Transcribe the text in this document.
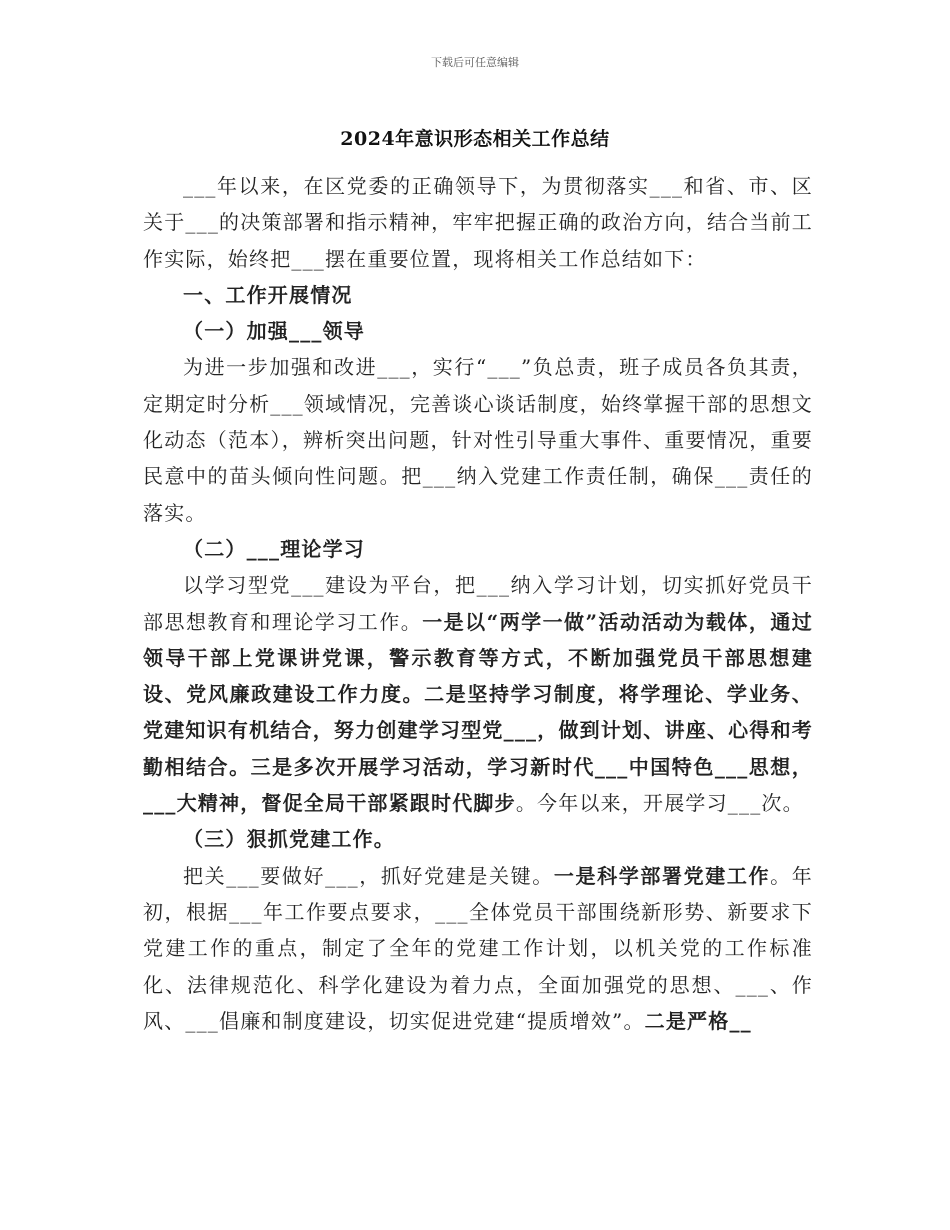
下载后可任意编辑
2024年意识形态相关工作总结

___年以来，在区党委的正确领导下，为贯彻落实___和省、市、区关于___的决策部署和指示精神，牢牢把握正确的政治方向，结合当前工作实际，始终把___摆在重要位置，现将相关工作总结如下：

一、工作开展情况

（一）加强___领导

为进一步加强和改进___，实行“___”负总责，班子成员各负其责，定期定时分析___领域情况，完善谈心谈话制度，始终掌握干部的思想文化动态（范本），辨析突出问题，针对性引导重大事件、重要情况，重要民意中的苗头倾向性问题。把___纳入党建工作责任制，确保___责任的落实。

（二）___理论学习

以学习型党___建设为平台，把___纳入学习计划，切实抓好党员干部思想教育和理论学习工作。一是以“两学一做”活动活动为载体，通过领导干部上党课讲党课，警示教育等方式，不断加强党员干部思想建设、党风廉政建设工作力度。二是坚持学习制度，将学理论、学业务、党建知识有机结合，努力创建学习型党___，做到计划、讲座、心得和考勤相结合。三是多次开展学习活动，学习新时代___中国特色___思想，___大精神，督促全局干部紧跟时代脚步。今年以来，开展学习___次。

（三）狠抓党建工作。

把关___要做好___，抓好党建是关键。一是科学部署党建工作。年初，根据___年工作要点要求，___全体党员干部围绕新形势、新要求下党建工作的重点，制定了全年的党建工作计划，以机关党的工作标准化、法律规范化、科学化建设为着力点，全面加强党的思想、___、作风、___倡廉和制度建设，切实促进党建“提质增效”。二是严格__
